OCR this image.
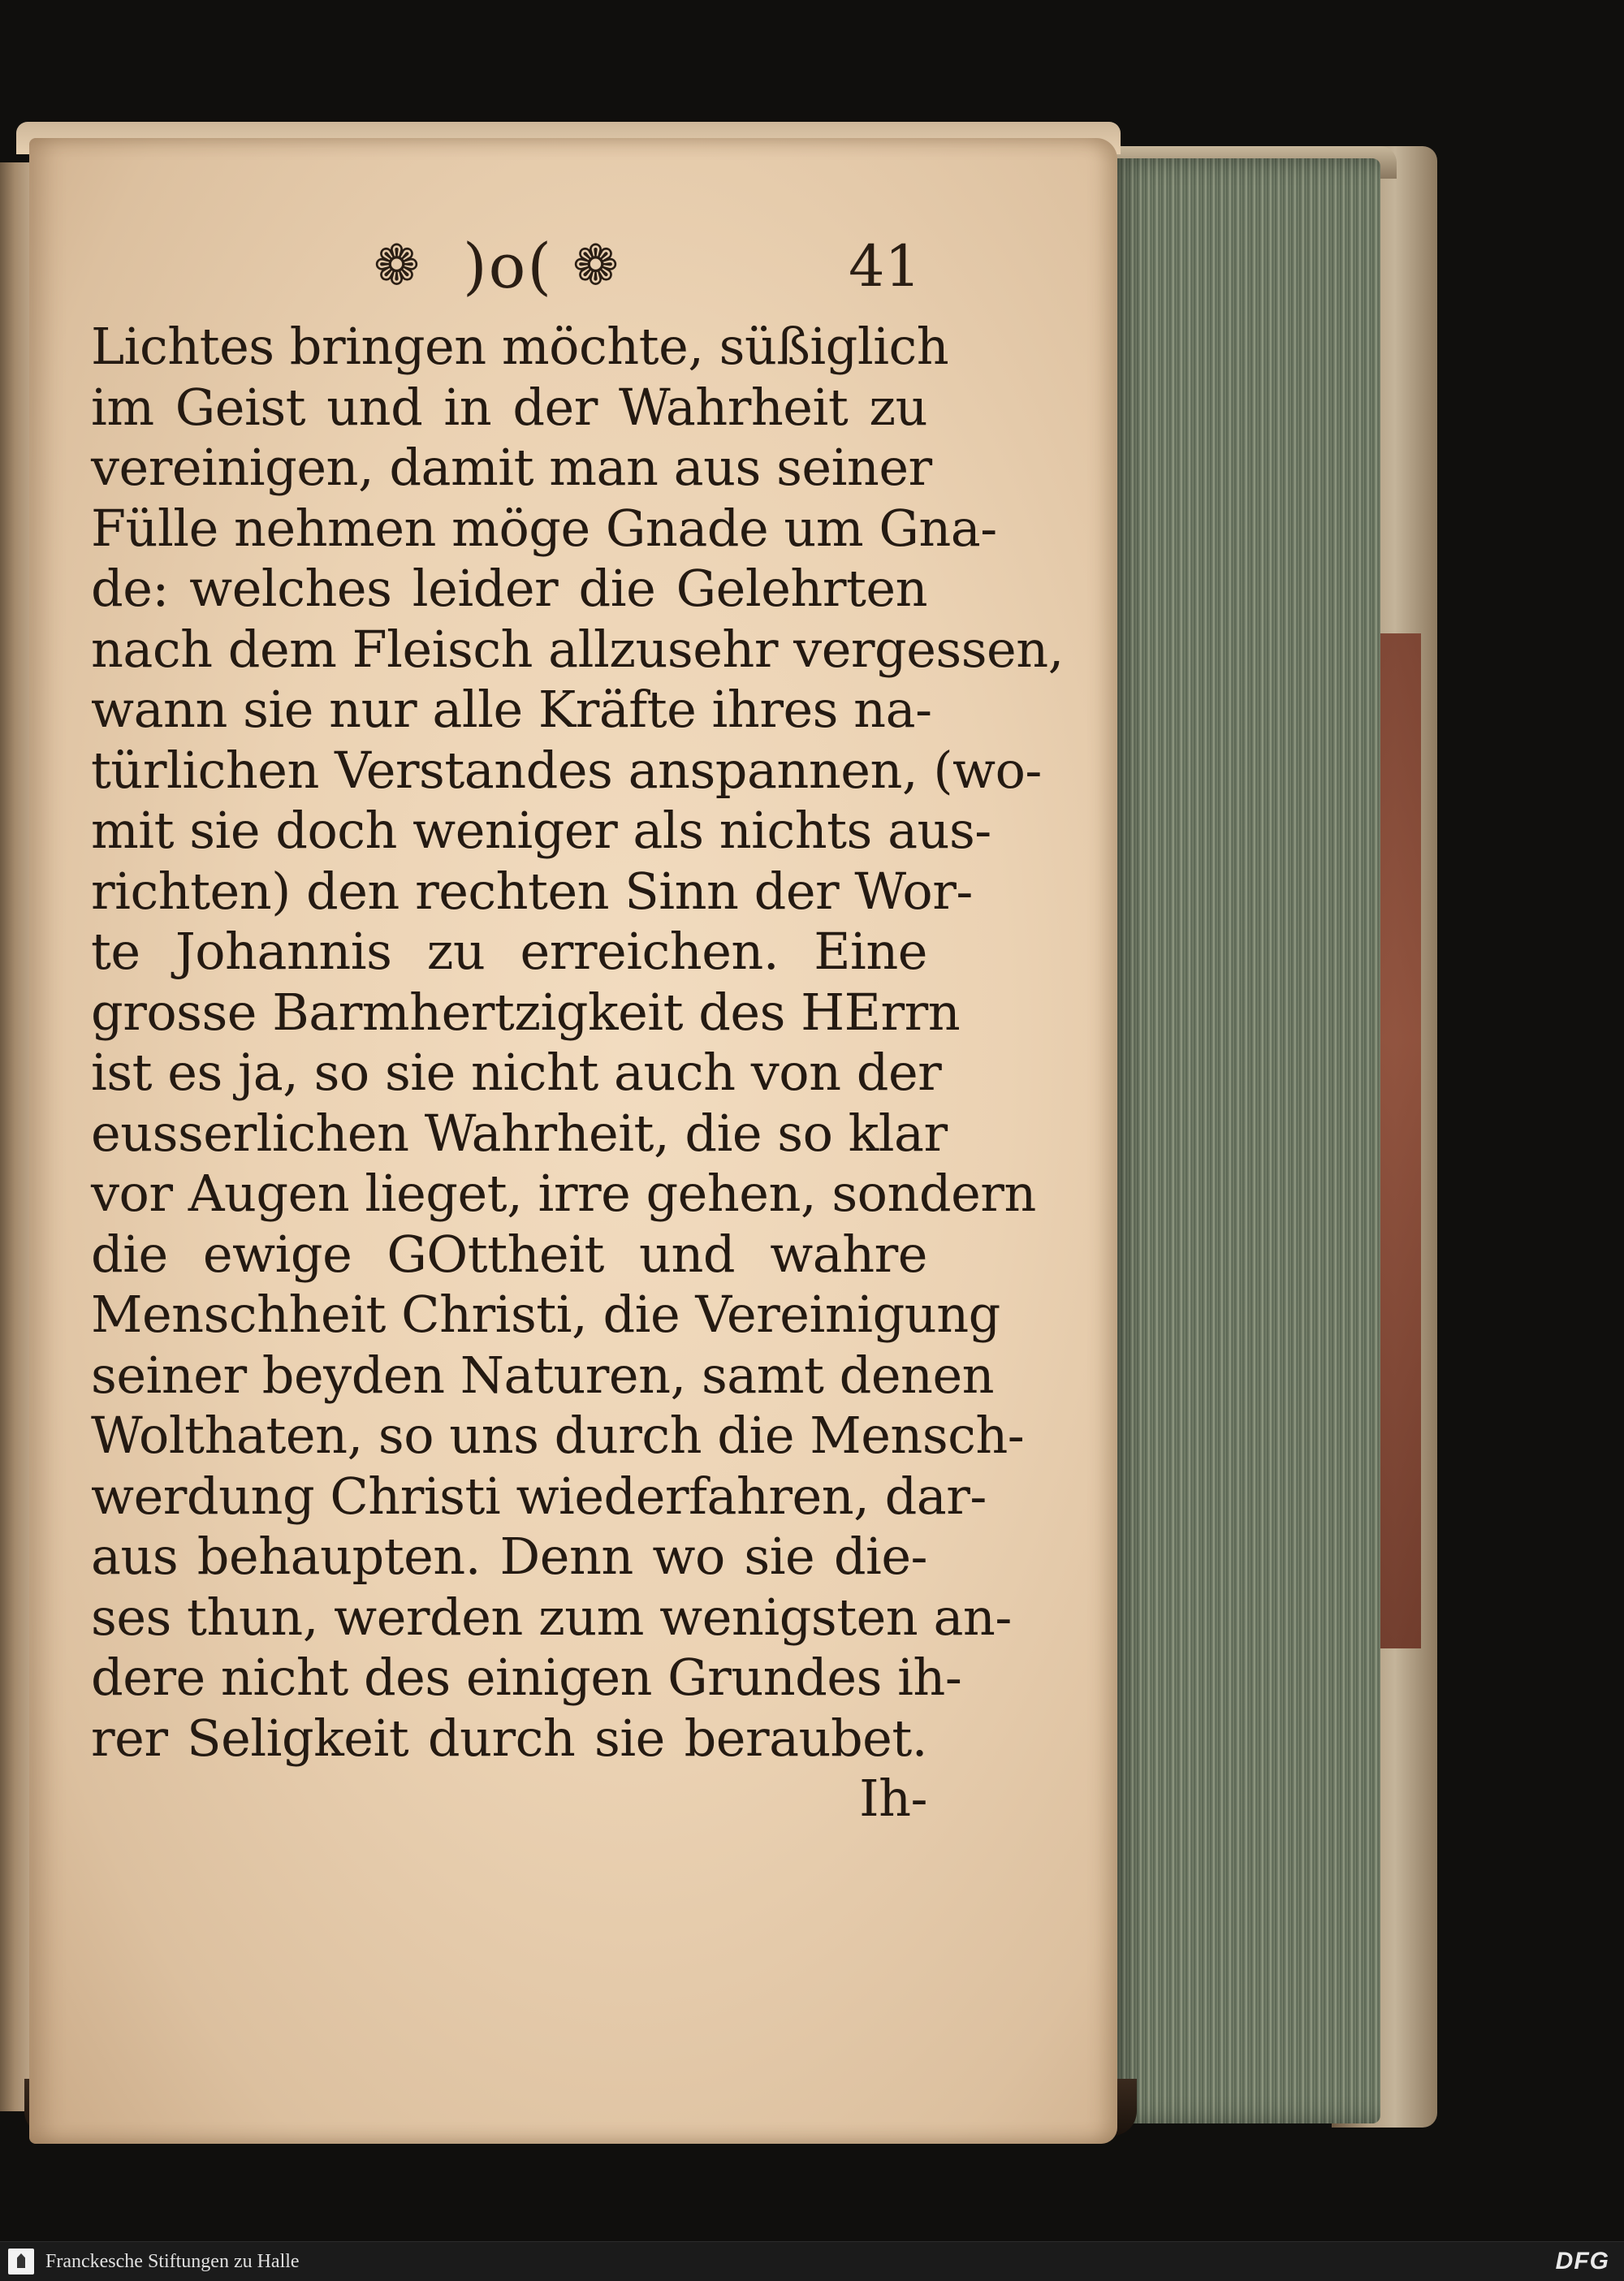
❁ )o( ❁	41
Lichtes bringen möchte, süßiglich
im Geist und in der Wahrheit zu
vereinigen, damit man aus seiner
Fülle nehmen möge Gnade um Gna-
de: welches leider die Gelehrten
nach dem Fleisch allzusehr vergessen,
wann sie nur alle Kräfte ihres na-
türlichen Verstandes anspannen, (wo-
mit sie doch weniger als nichts aus-
richten) den rechten Sinn der Wor-
te Johannis zu erreichen. Eine
grosse Barmhertzigkeit des HErrn
ist es ja, so sie nicht auch von der
eusserlichen Wahrheit, die so klar
vor Augen lieget, irre gehen, sondern
die ewige GOttheit und wahre
Menschheit Christi, die Vereinigung
seiner beyden Naturen, samt denen
Wolthaten, so uns durch die Mensch-
werdung Christi wiederfahren, dar-
aus behaupten. Denn wo sie die-
ses thun, werden zum wenigsten an-
dere nicht des einigen Grundes ih-
rer Seligkeit durch sie beraubet.
Ih-
Franckesche Stiftungen zu Halle	DFG
